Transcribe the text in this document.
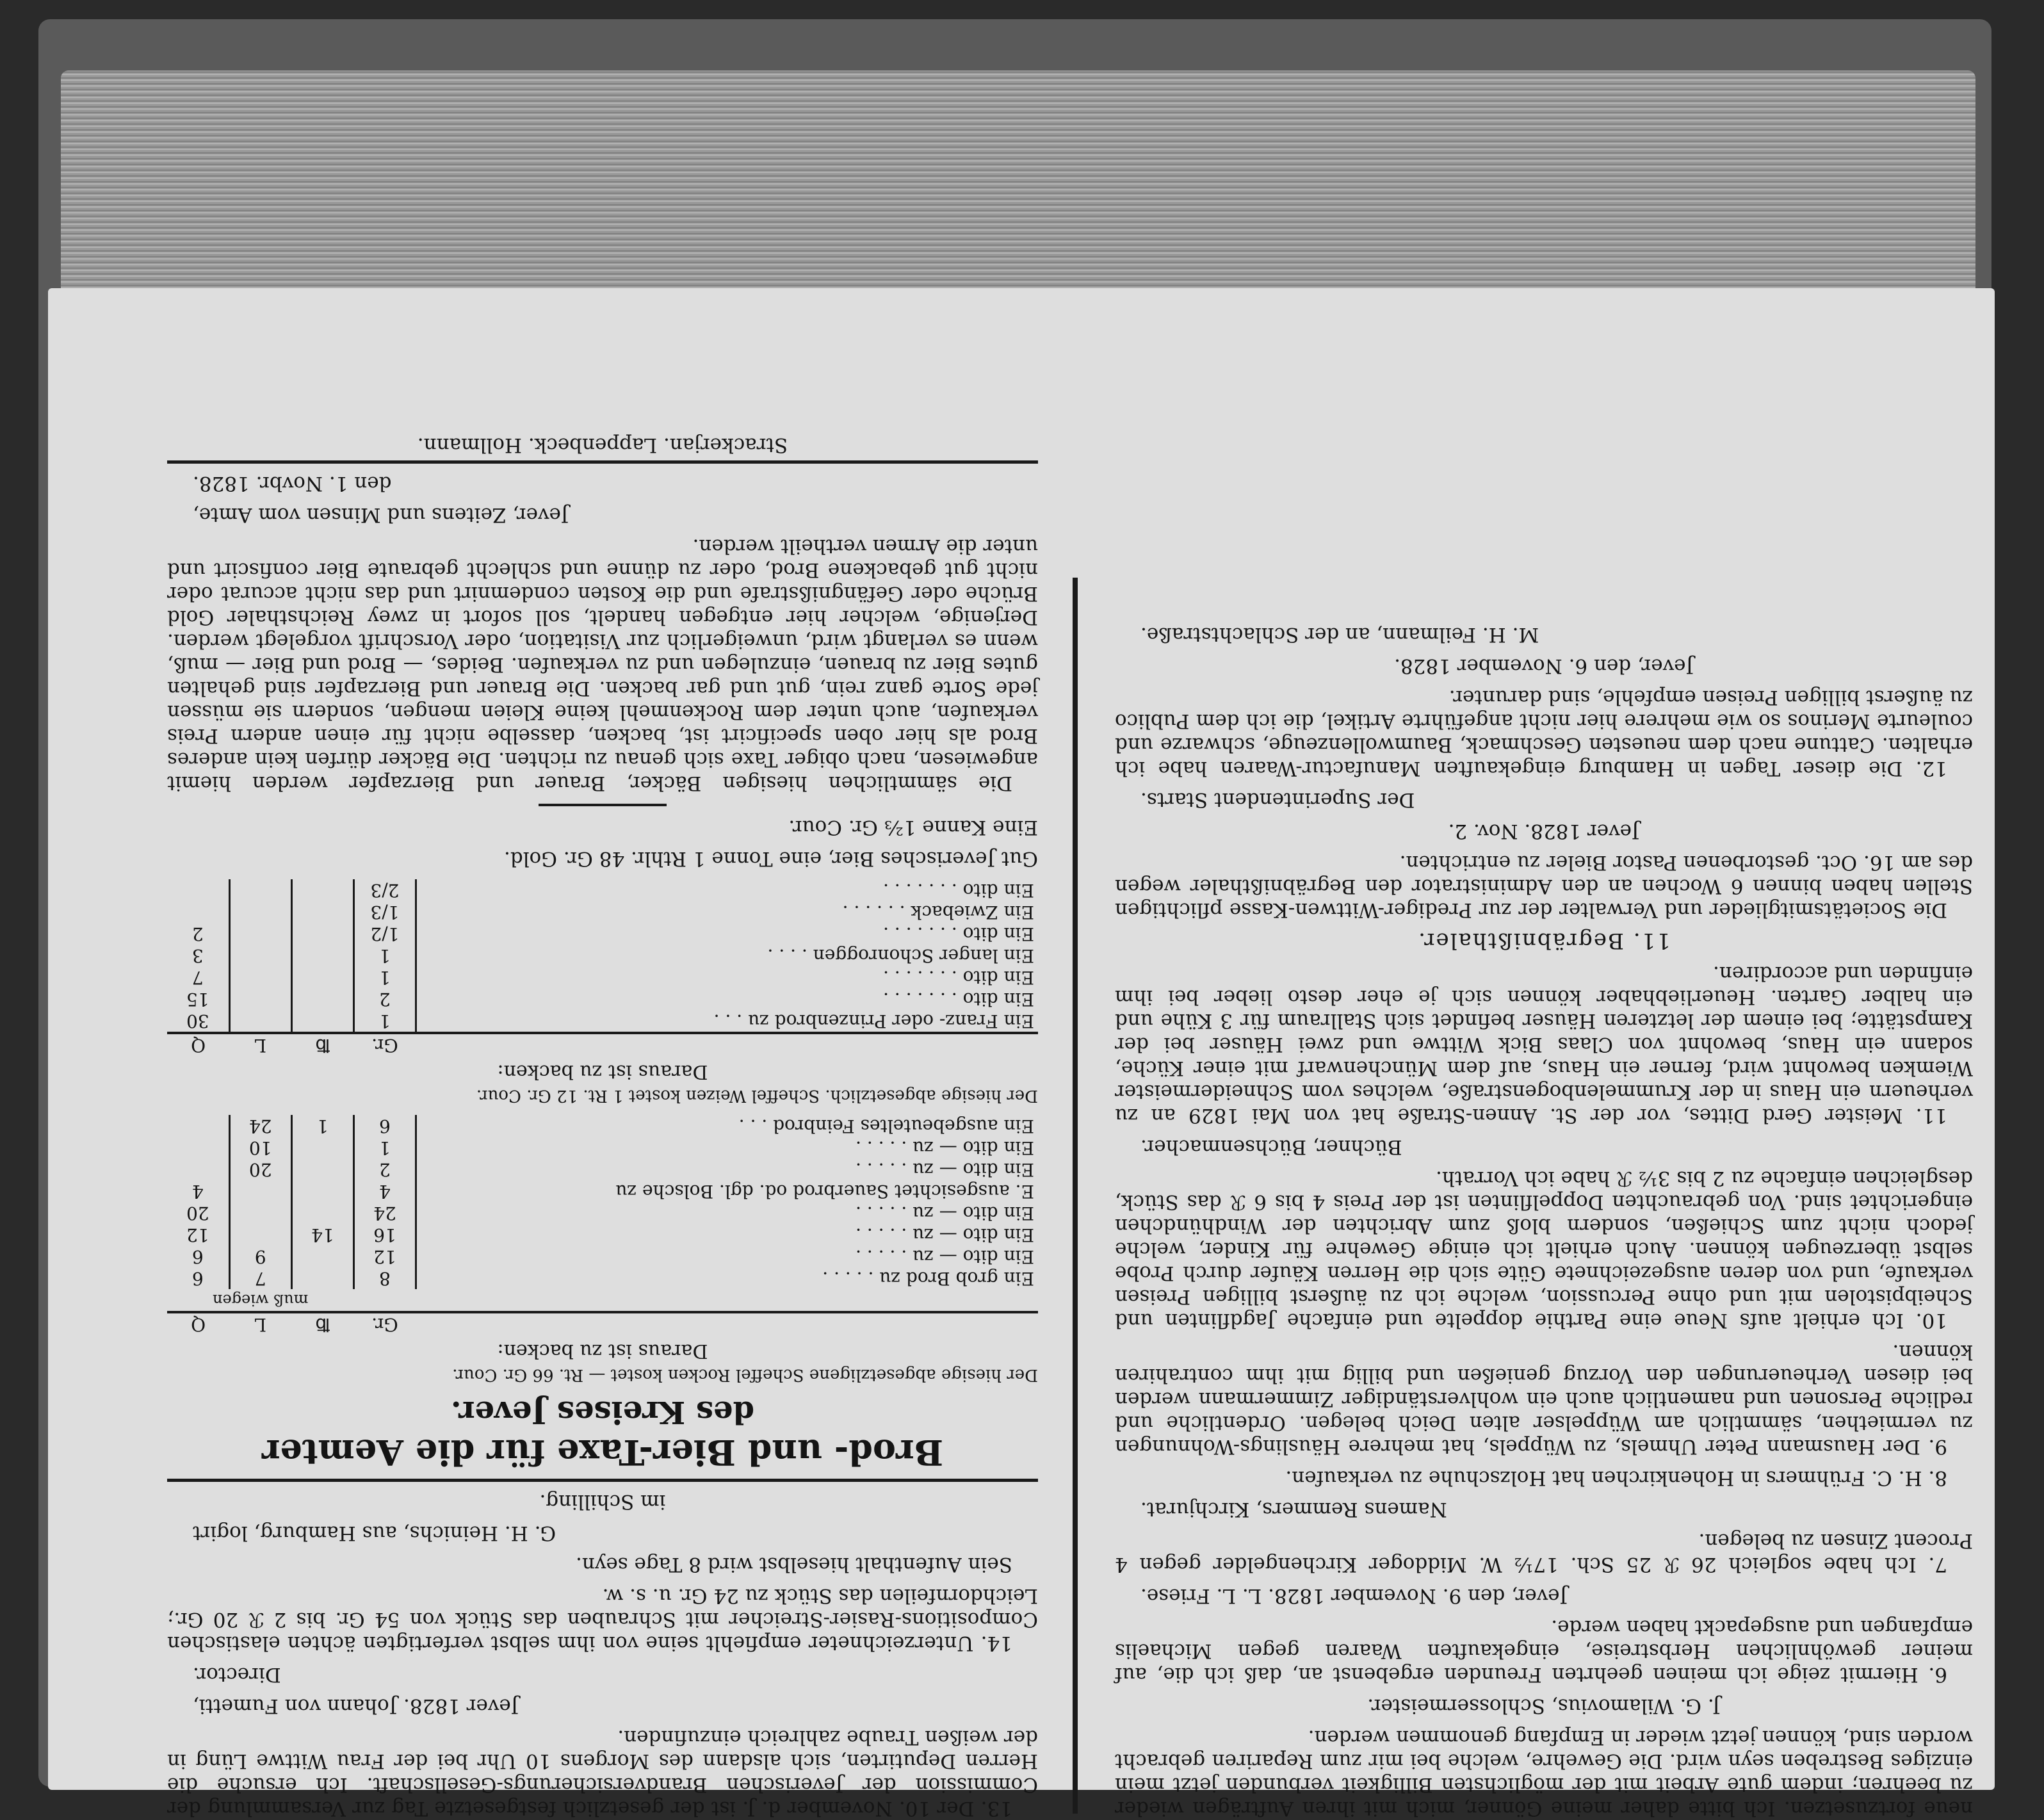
neue fortzusetzen. Ich bitte daher meine Gönner, mich mit ihren Aufträgen wieder zu beehren; indem gute Arbeit mit der möglichsten Billigkeit verbunden jetzt mein einziges Bestreben seyn wird. Die Gewehre, welche bei mir zum Repariren gebracht worden sind, können jetzt wieder in Empfang genommen werden.

J. G. Wilamovius, Schlossermeister.

6. Hiermit zeige ich meinen geehrten Freunden ergebenst an, daß ich die, auf meiner gewöhnlichen Herbstreise, eingekauften Waaren gegen Michaelis empfangen und ausgepackt haben werde.

Jever, den 9. November 1828. L. L. Friese.

7. Ich habe sogleich 26 ℛ 25 Sch. 17½ W. Middoger Kirchengelder gegen 4 Procent Zinsen zu belegen.

Namens Remmers, Kirchjurat.

8. H. C. Frühmers in Hohenkirchen hat Holzschuhe zu verkaufen.

9. Der Hausmann Peter Uhmels, zu Wüppels, hat mehrere Häuslings-Wohnungen zu vermiethen, sämmtlich am Wüppelser alten Deich belegen. Ordentliche und redliche Personen und namentlich auch ein wohlverständiger Zimmermann werden bei diesen Verheuerungen den Vorzug genießen und billig mit ihm contrahiren können.

10. Ich erhielt aufs Neue eine Parthie doppelte und einfache Jagdflinten und Scheibpistolen mit und ohne Percussion, welche ich zu äußerst billigen Preisen verkaufe, und von deren ausgezeichnete Güte sich die Herren Käufer durch Probe selbst überzeugen können. Auch erhielt ich einige Gewehre für Kinder, welche jedoch nicht zum Schießen, sondern bloß zum Abrichten der Windhündchen eingerichtet sind. Von gebrauchten Doppelflinten ist der Preis 4 bis 6 ℛ das Stück, desgleichen einfache zu 2 bis 3½ ℛ habe ich Vorrath.

Büchner, Büchsenmacher.

11. Meister Gerd Dittes, vor der St. Annen-Straße hat von Mai 1829 an zu verheuern ein Haus in der Krummelenbogenstraße, welches vom Schneidermeister Wiemken bewohnt wird, ferner ein Haus, auf dem Münchenwarf mit einer Küche, sodann ein Haus, bewohnt von Claas Bick Wittwe und zwei Häuser bei der Kampstätte; bei einem der letzteren Häuser befindet sich Stallraum für 3 Kühe und ein halber Garten. Heuerliebhaber können sich je eher desto lieber bei ihm einfinden und accordiren.

11. Begräbnißthaler.

Die Societätsmitglieder und Verwalter der zur Prediger-Wittwen-Kasse pflichtigen Stellen haben binnen 6 Wochen an den Administrator den Begräbnißthaler wegen des am 16. Oct. gestorbenen Pastor Bieler zu entrichten.

Jever 1828. Nov. 2.

Der Superintendent Starts.

12. Die dieser Tagen in Hamburg eingekauften Manufactur-Waaren habe ich erhalten. Cattune nach dem neuesten Geschmack, Baumwollenzeuge, schwarze und couleurte Merinos so wie mehrere hier nicht angeführte Artikel, die ich dem Publico zu äußerst billigen Preisen empfehle, sind darunter.

Jever, den 6. November 1828.

M. H. Feilmann, an der Schlachtstraße.

13. Der 10. November d. J. ist der gesetzlich festgesetzte Tag zur Versammlung der Commission der Jeverischen Brandversicherungs-Gesellschaft. Ich ersuche die Herren Deputirten, sich alsdann des Morgens 10 Uhr bei der Frau Wittwe Lüng in der weißen Traube zahlreich einzufinden.

Jever 1828. Johann von Fumetti,

Director.

14. Unterzeichneter empfiehlt seine von ihm selbst verfertigten ächten elastischen Compositions-Rasier-Streicher mit Schrauben das Stück von 54 Gr. bis 2 ℛ 20 Gr.; Leichdornfeilen das Stück zu 24 Gr. u. s. w.

Sein Aufenthalt hieselbst wird 8 Tage seyn.

G. H. Heinichs, aus Hamburg, logirt

im Schilling.

Brod- und Bier-Taxe für die Aemter

des Kreises Jever.

Der hiesige abgesetzligene Scheffel Rocken kostet — Rt. 66 Gr. Cour.

Daraus ist zu backen:

	Gr.	℔	L	Q
		muß wiegen		
Ein grob Brod zu . . . . .	8		7	6
Ein dito — zu . . . . .	12		9	6
Ein dito — zu . . . . .	16	14		12
Ein dito — zu . . . . .	24			20
E. ausgesichtet Sauerbrod od. dgl. Bolsche zu	4			4
Ein dito — zu . . . . .	2		20	
Ein dito — zu . . . . .	1		10	
Ein ausgebeuteltes Feinbrod . . .	6	1	24	

Der hiesige abgesetzlich. Scheffel Weizen kostet 1 Rt. 12 Gr. Cour.

Daraus ist zu backen:

	Gr.	℔	L	Q
Ein Franz- oder Prinzenbrod zu . . .	1			30
Ein dito . . . . . . .	2			15
Ein dito . . . . . . .	1			7
Ein langer Schonroggen . . . .	1			3
Ein dito . . . . . . .	1/2			2
Ein Zwieback . . . . . .	1/3			
Ein dito . . . . . . .	2/3			

Gut Jeverisches Bier, eine Tonne 1 Rthlr. 48 Gr. Gold.

Eine Kanne 1⅔ Gr. Cour.

Die sämmtlichen hiesigen Bäcker, Brauer und Bierzapfer werden hiemit angewiesen, nach obiger Taxe sich genau zu richten. Die Bäcker dürfen kein anderes Brod als hier oben specificirt ist, backen, dasselbe nicht für einen andern Preis verkaufen, auch unter dem Rockenmehl keine Kleien mengen, sondern sie müssen jede Sorte ganz rein, gut und gar backen. Die Brauer und Bierzapfer sind gehalten gutes Bier zu brauen, einzulegen und zu verkaufen. Beides, — Brod und Bier — muß, wenn es verlangt wird, unweigerlich zur Visitation, oder Vorschrift vorgelegt werden. Derjenige, welcher hier entgegen handelt, soll sofort in zwey Reichsthaler Gold Brüche oder Gefängnißstrafe und die Kosten condemnirt und das nicht accurat oder nicht gut gebackene Brod, oder zu dünne und schlecht gebraute Bier confiscirt und unter die Armen vertheilt werden.

Jever, Zeitens und Minsen vom Amte,

den 1. Novbr. 1828.

Strackerjan. Lappenbeck. Hollmann.
